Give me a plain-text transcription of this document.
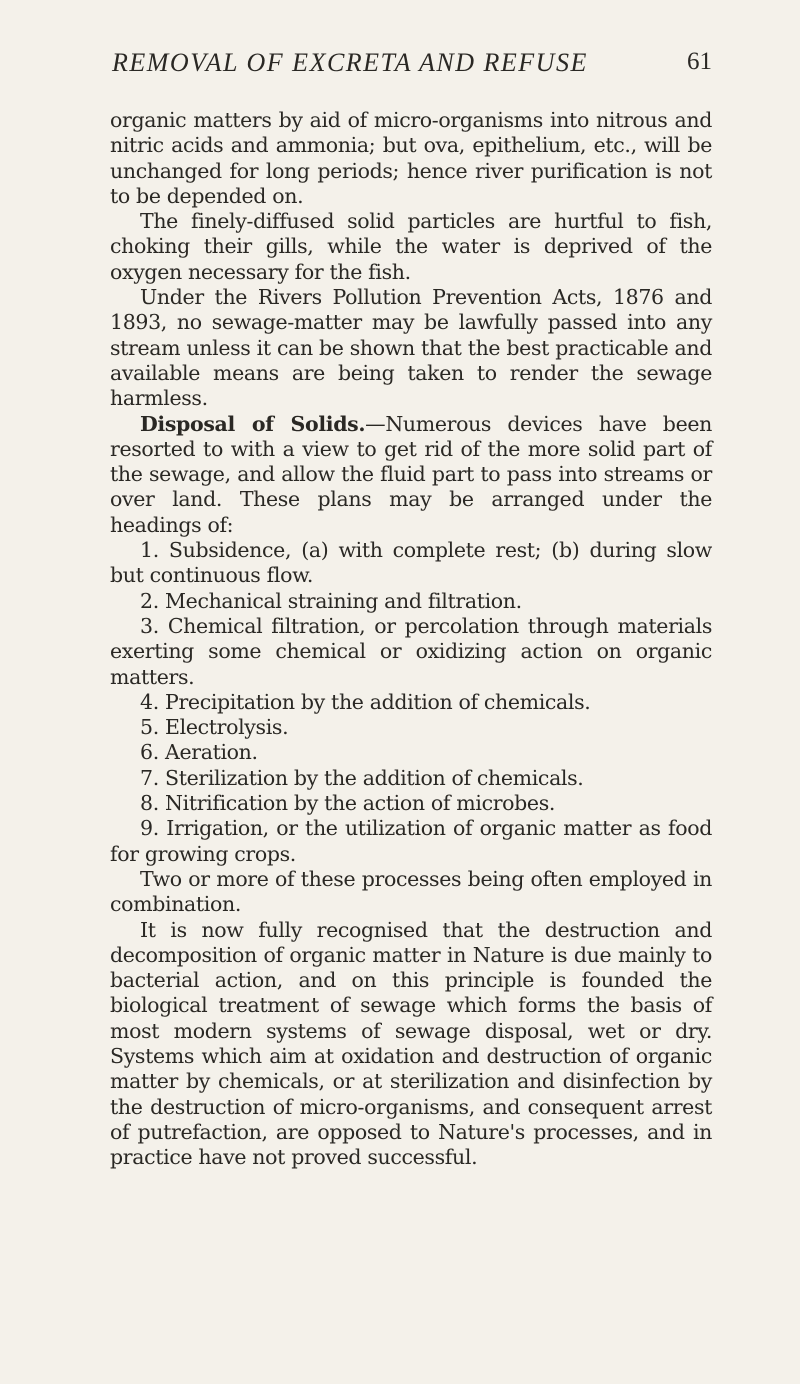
REMOVAL OF EXCRETA AND REFUSE	61

organic matters by aid of micro-organisms into nitrous and nitric acids and ammonia; but ova, epithelium, etc., will be unchanged for long periods; hence river purification is not to be depended on.

The finely-diffused solid particles are hurtful to fish, choking their gills, while the water is deprived of the oxygen necessary for the fish.

Under the Rivers Pollution Prevention Acts, 1876 and 1893, no sewage-matter may be lawfully passed into any stream unless it can be shown that the best practicable and available means are being taken to render the sewage harmless.

Disposal of Solids.—Numerous devices have been resorted to with a view to get rid of the more solid part of the sewage, and allow the fluid part to pass into streams or over land. These plans may be arranged under the headings of:

1. Subsidence, (a) with complete rest; (b) during slow but continuous flow.

2. Mechanical straining and filtration.

3. Chemical filtration, or percolation through materials exerting some chemical or oxidizing action on organic matters.

4. Precipitation by the addition of chemicals.

5. Electrolysis.

6. Aeration.

7. Sterilization by the addition of chemicals.

8. Nitrification by the action of microbes.

9. Irrigation, or the utilization of organic matter as food for growing crops.

Two or more of these processes being often employed in combination.

It is now fully recognised that the destruction and decomposition of organic matter in Nature is due mainly to bacterial action, and on this principle is founded the biological treatment of sewage which forms the basis of most modern systems of sewage disposal, wet or dry. Systems which aim at oxidation and destruction of organic matter by chemicals, or at sterilization and disinfection by the destruction of micro-organisms, and consequent arrest of putrefaction, are opposed to Nature's processes, and in practice have not proved successful.
